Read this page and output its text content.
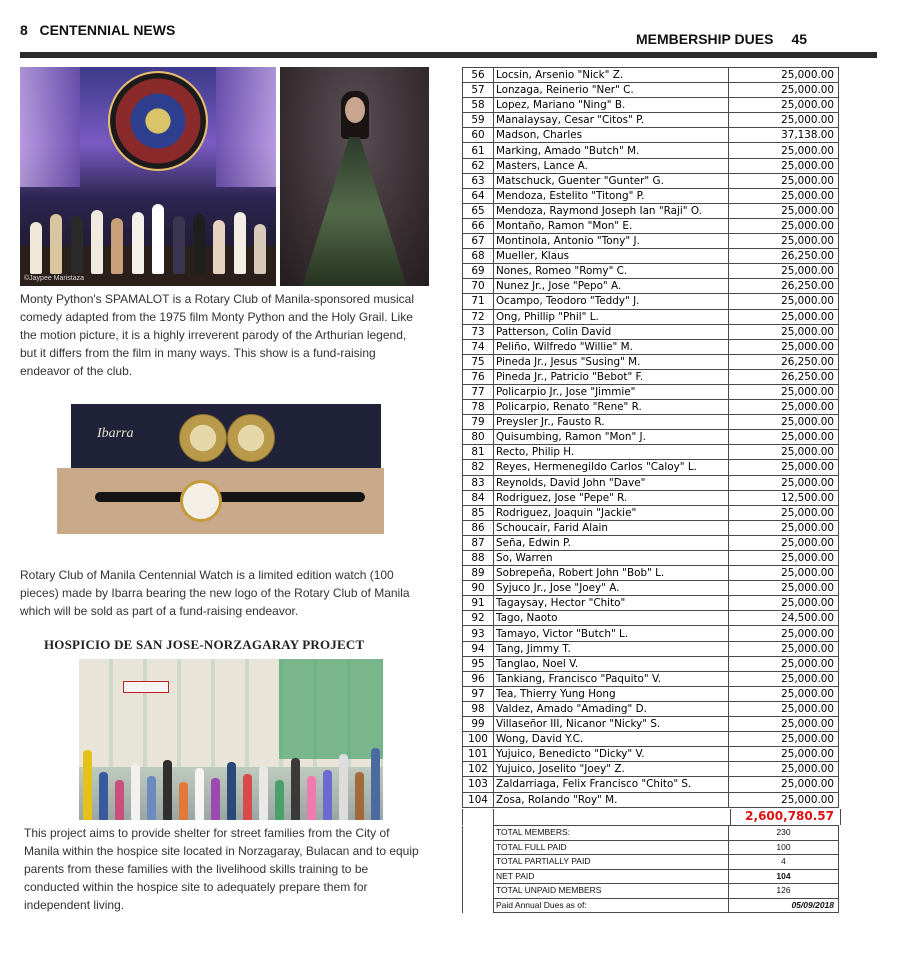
8 CENTENNIAL NEWS
MEMBERSHIP DUES 45
©Jaypee Maristaza
Monty Python's SPAMALOT is a Rotary Club of Manila-sponsored musical comedy adapted from the 1975 film Monty Python and the Holy Grail. Like the motion picture, it is a highly irreverent parody of the Arthurian legend, but it differs from the film in many ways. This show is a fund-raising endeavor of the club.
Ibarra
Rotary Club of Manila Centennial Watch is a limited edition watch (100 pieces) made by Ibarra bearing the new logo of the Rotary Club of Manila which will be sold as part of a fund-raising endeavor.
HOSPICIO DE SAN JOSE-NORZAGARAY PROJECT
This project aims to provide shelter for street families from the City of Manila within the hospice site located in Norzagaray, Bulacan and to equip parents from these families with the livelihood skills training to be conducted within the hospice site to adequately prepare them for independent living.
56	Locsin, Arsenio "Nick" Z.	25,000.00
57	Lonzaga, Reinerio "Ner" C.	25,000.00
58	Lopez, Mariano "Ning" B.	25,000.00
59	Manalaysay, Cesar "Citos" P.	25,000.00
60	Madson, Charles	37,138.00
61	Marking, Amado "Butch" M.	25,000.00
62	Masters, Lance A.	25,000.00
63	Matschuck, Guenter "Gunter" G.	25,000.00
64	Mendoza, Estelito "Titong" P.	25,000.00
65	Mendoza, Raymond Joseph Ian "Raji" O.	25,000.00
66	Montaño, Ramon "Mon" E.	25,000.00
67	Montinola, Antonio "Tony" J.	25,000.00
68	Mueller, Klaus	26,250.00
69	Nones, Romeo "Romy" C.	25,000.00
70	Nunez Jr., Jose "Pepo" A.	26,250.00
71	Ocampo, Teodoro "Teddy" J.	25,000.00
72	Ong, Phillip "Phil" L.	25,000.00
73	Patterson, Colin David	25,000.00
74	Peliño, Wilfredo "Willie" M.	25,000.00
75	Pineda Jr., Jesus "Susing" M.	26,250.00
76	Pineda Jr., Patricio "Bebot" F.	26,250.00
77	Policarpio Jr., Jose "Jimmie"	25,000.00
78	Policarpio, Renato "Rene" R.	25,000.00
79	Preysler Jr., Fausto R.	25,000.00
80	Quisumbing, Ramon "Mon" J.	25,000.00
81	Recto, Philip H.	25,000.00
82	Reyes, Hermenegildo Carlos "Caloy" L.	25,000.00
83	Reynolds, David John "Dave"	25,000.00
84	Rodriguez, Jose "Pepe" R.	12,500.00
85	Rodriguez, Joaquin "Jackie"	25,000.00
86	Schoucair, Farid Alain	25,000.00
87	Seña, Edwin P.	25,000.00
88	So, Warren	25,000.00
89	Sobrepeña, Robert John "Bob" L.	25,000.00
90	Syjuco Jr., Jose "Joey" A.	25,000.00
91	Tagaysay, Hector "Chito"	25,000.00
92	Tago, Naoto	24,500.00
93	Tamayo, Victor "Butch" L.	25,000.00
94	Tang, Jimmy T.	25,000.00
95	Tanglao, Noel V.	25,000.00
96	Tankiang, Francisco "Paquito" V.	25,000.00
97	Tea, Thierry Yung Hong	25,000.00
98	Valdez, Amado "Amading" D.	25,000.00
99	Villaseñor III, Nicanor "Nicky" S.	25,000.00
100	Wong, David Y.C.	25,000.00
101	Yujuico, Benedicto "Dicky" V.	25,000.00
102	Yujuico, Joselito "Joey" Z.	25,000.00
103	Zaldarriaga, Felix Francisco "Chito" S.	25,000.00
104	Zosa, Rolando "Roy" M.	25,000.00
2,600,780.57
	TOTAL MEMBERS:	230
	TOTAL FULL PAID	100
	TOTAL PARTIALLY PAID	4
	NET PAID	104
	TOTAL UNPAID MEMBERS	126
	Paid Annual Dues as of:	05/09/2018
